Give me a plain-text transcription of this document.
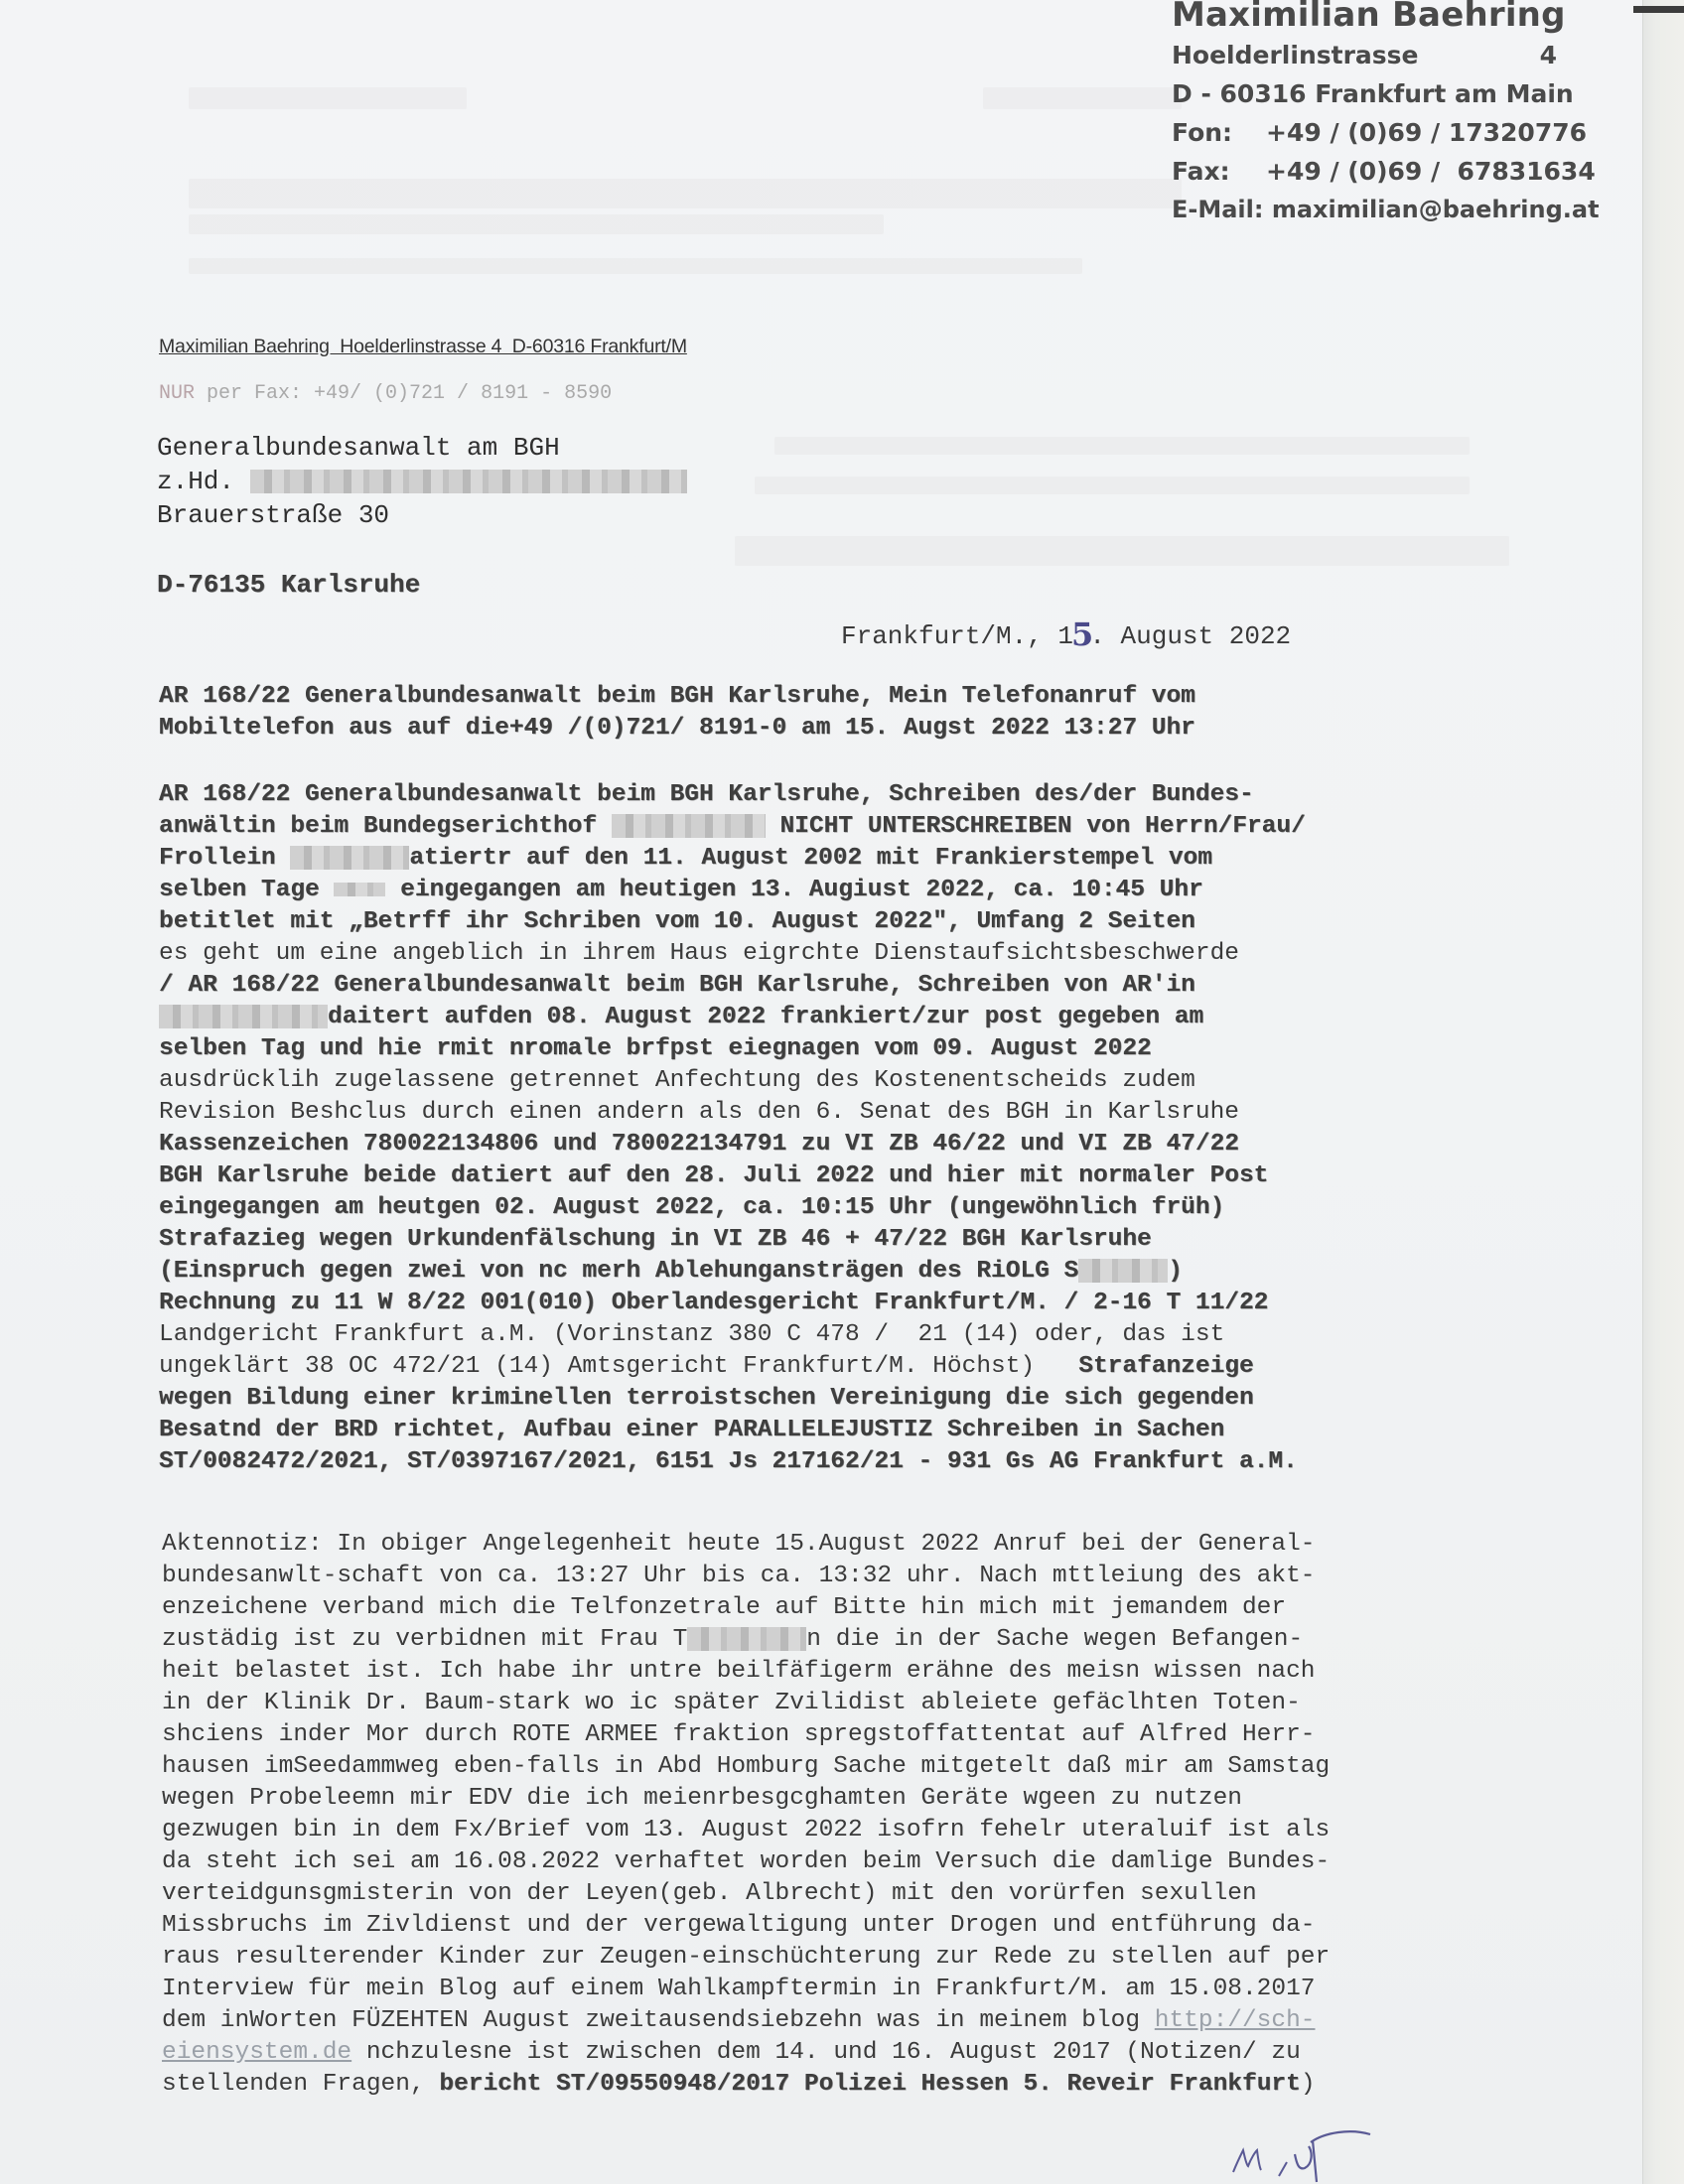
Maximilian Baehring
Hoelderlinstrasse	4
D - 60316 Frankfurt am Main
Fon:	+49 / (0)69 / 17320776
Fax:	+49 / (0)69 /  67831634
E-Mail:
maximilian@baehring.at
Maximilian Baehring  Hoelderlinstrasse 4  D-60316 Frankfurt/M
NUR per Fax: +49/ (0)721 / 8191 - 8590
Generalbundesanwalt am BGH
z.Hd.
Brauerstraße 30
D-76135 Karlsruhe
Frankfurt/M., 15. August 2022
AR 168/22 Generalbundesanwalt beim BGH Karlsruhe, Mein Telefonanruf vom
Mobiltelefon aus auf die+49 /(0)721/ 8191-0 am 15. Augst 2022 13:27 Uhr
AR 168/22 Generalbundesanwalt beim BGH Karlsruhe, Schreiben des/der Bundes-
anwältin beim Bundegserichthof	NICHT UNTERSCHREIBEN von Herrn/Frau/
Frollein	atiertr auf den 11. August 2002 mit Frankierstempel vom
selben Tage  eingegangen am heutigen 13. Augiust 2022, ca. 10:45 Uhr
betitlet mit „Betrff ihr Schriben vom 10. August 2022", Umfang 2 Seiten
es geht um eine angeblich in ihrem Haus eigrchte Dienstaufsichtsbeschwerde
/ AR 168/22 Generalbundesanwalt beim BGH Karlsruhe, Schreiben von AR'in
daitert aufden 08. August 2022 frankiert/zur post gegeben am
selben Tag und hie rmit nromale brfpst eiegnagen vom 09. August 2022
ausdrücklih zugelassene getrennet Anfechtung des Kostenentscheids zudem
Revision Beshclus durch einen andern als den 6. Senat des BGH in Karlsruhe
Kassenzeichen 780022134806 und 780022134791 zu VI ZB 46/22 und VI ZB 47/22
BGH Karlsruhe beide datiert auf den 28. Juli 2022 und hier mit normaler Post
eingegangen am heutgen 02. August 2022, ca. 10:15 Uhr (ungewöhnlich früh)
Strafazieg wegen Urkundenfälschung in VI ZB 46 + 47/22 BGH Karlsruhe
(Einspruch gegen zwei von nc merh Ablehungansträgen des RiOLG S	)
Rechnung zu 11 W 8/22 001(010) Oberlandesgericht Frankfurt/M. / 2-16 T 11/22
Landgericht Frankfurt a.M. (Vorinstanz 380 C 478 /  21 (14) oder, das ist
ungeklärt 38 OC 472/21 (14) Amtsgericht Frankfurt/M. Höchst)   Strafanzeige
wegen Bildung einer kriminellen terroistschen Vereinigung die sich gegenden
Besatnd der BRD richtet, Aufbau einer PARALLELEJUSTIZ Schreiben in Sachen
ST/0082472/2021, ST/0397167/2021, 6151 Js 217162/21 - 931 Gs AG Frankfurt a.M.
Aktennotiz: In obiger Angelegenheit heute 15.August 2022 Anruf bei der General-
bundesanwlt-schaft von ca. 13:27 Uhr bis ca. 13:32 uhr. Nach mttleiung des akt-
enzeichene verband mich die Telfonzetrale auf Bitte hin mich mit jemandem der
zustädig ist zu verbidnen mit Frau T	n die in der Sache wegen Befangen-
heit belastet ist. Ich habe ihr untre beilfäfigerm erähne des meisn wissen nach
in der Klinik Dr. Baum-stark wo ic später Zvilidist ableiete gefäclhten Toten-
shciens inder Mor durch ROTE ARMEE fraktion spregstoffattentat auf Alfred Herr-
hausen imSeedammweg eben-falls in Abd Homburg Sache mitgetelt daß mir am Samstag
wegen Probeleemn mir EDV die ich meienrbesgcghamten Geräte wgeen zu nutzen
gezwugen bin in dem Fx/Brief vom 13. August 2022 isofrn fehelr uteraluif ist als
da steht ich sei am 16.08.2022 verhaftet worden beim Versuch die damlige Bundes-
verteidgunsgmisterin von der Leyen(geb. Albrecht) mit den vorürfen sexullen
Missbruchs im Zivldienst und der vergewaltigung unter Drogen und entführung da-
raus resulterender Kinder zur Zeugen-einschüchterung zur Rede zu stellen auf per
Interview für mein Blog auf einem Wahlkampftermin in Frankfurt/M. am 15.08.2017
dem inWorten FÜZEHTEN August zweitausendsiebzehn was in meinem blog http://sch-
eiensystem.de nchzulesne ist zwischen dem 14. und 16. August 2017 (Notizen/ zu
stellenden Fragen, bericht ST/09550948/2017 Polizei Hessen 5. Reveir Frankfurt)
